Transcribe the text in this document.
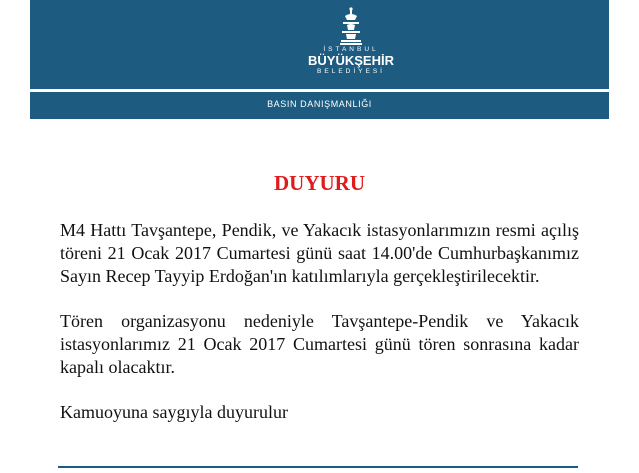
İSTANBUL
BÜYÜKŞEHİR
BELEDİYESİ
BASIN DANIŞMANLIĞI
DUYURU

M4 Hattı Tavşantepe, Pendik, ve Yakacık istasyonlarımızın resmi açılış töreni 21 Ocak 2017 Cumartesi günü saat 14.00'de Cumhurbaşkanımız Sayın Recep Tayyip Erdoğan'ın katılımlarıyla gerçekleştirilecektir.

Tören organizasyonu nedeniyle Tavşantepe-Pendik ve Yakacık istasyonlarımız 21 Ocak 2017 Cumartesi günü tören sonrasına kadar kapalı olacaktır.

Kamuoyuna saygıyla duyurulur
